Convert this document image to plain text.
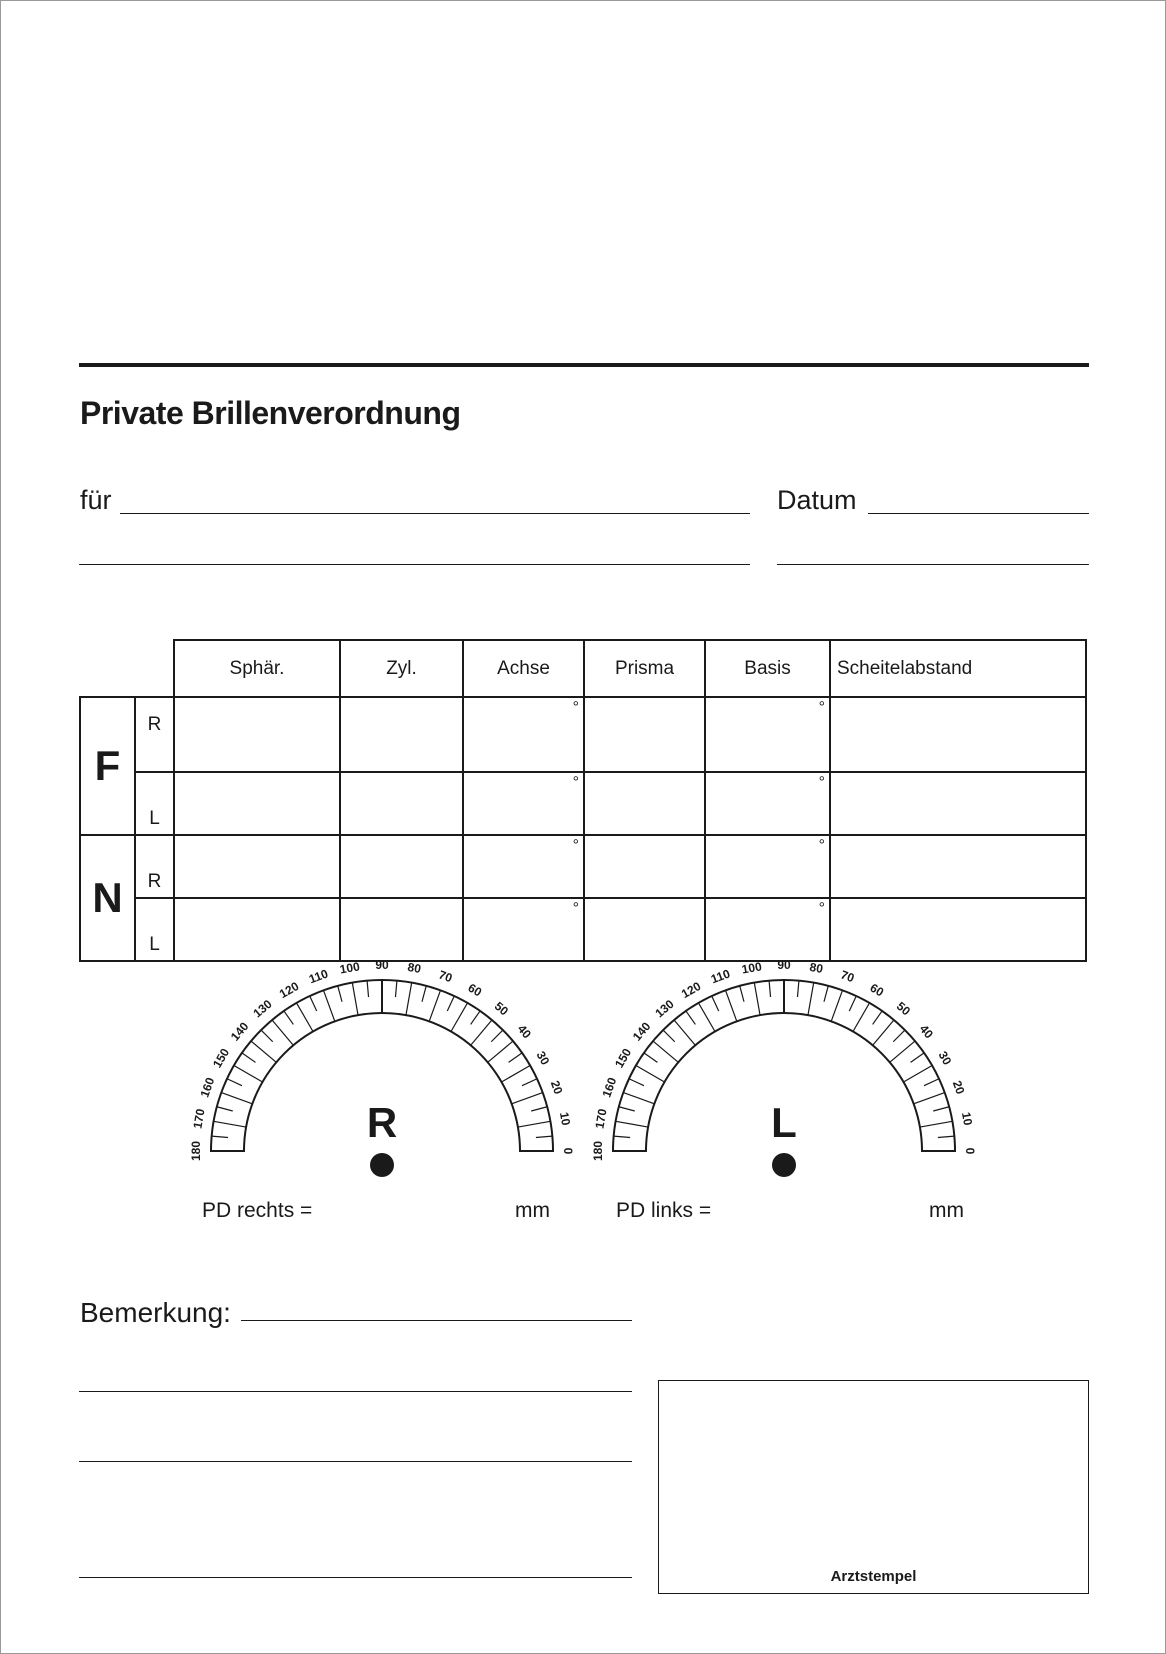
Private Brillenverordnung
für	Datum
		Sphär.	Zyl.	Achse	Prisma	Basis	Scheitelabstand
F	R			°		°	

	L			°		°	

N	R			°		°	

	L			°		°	

180
170
160
150
140
130
120
110 100 90 80 70
60
50
40
30
20
10
0
R
180
170
160
150
140
130
120
110 100 90 80 70
60
50
40
30
20
10
0
L
PD rechts =	mm	PD links =	mm
Bemerkung:
Arztstempel
